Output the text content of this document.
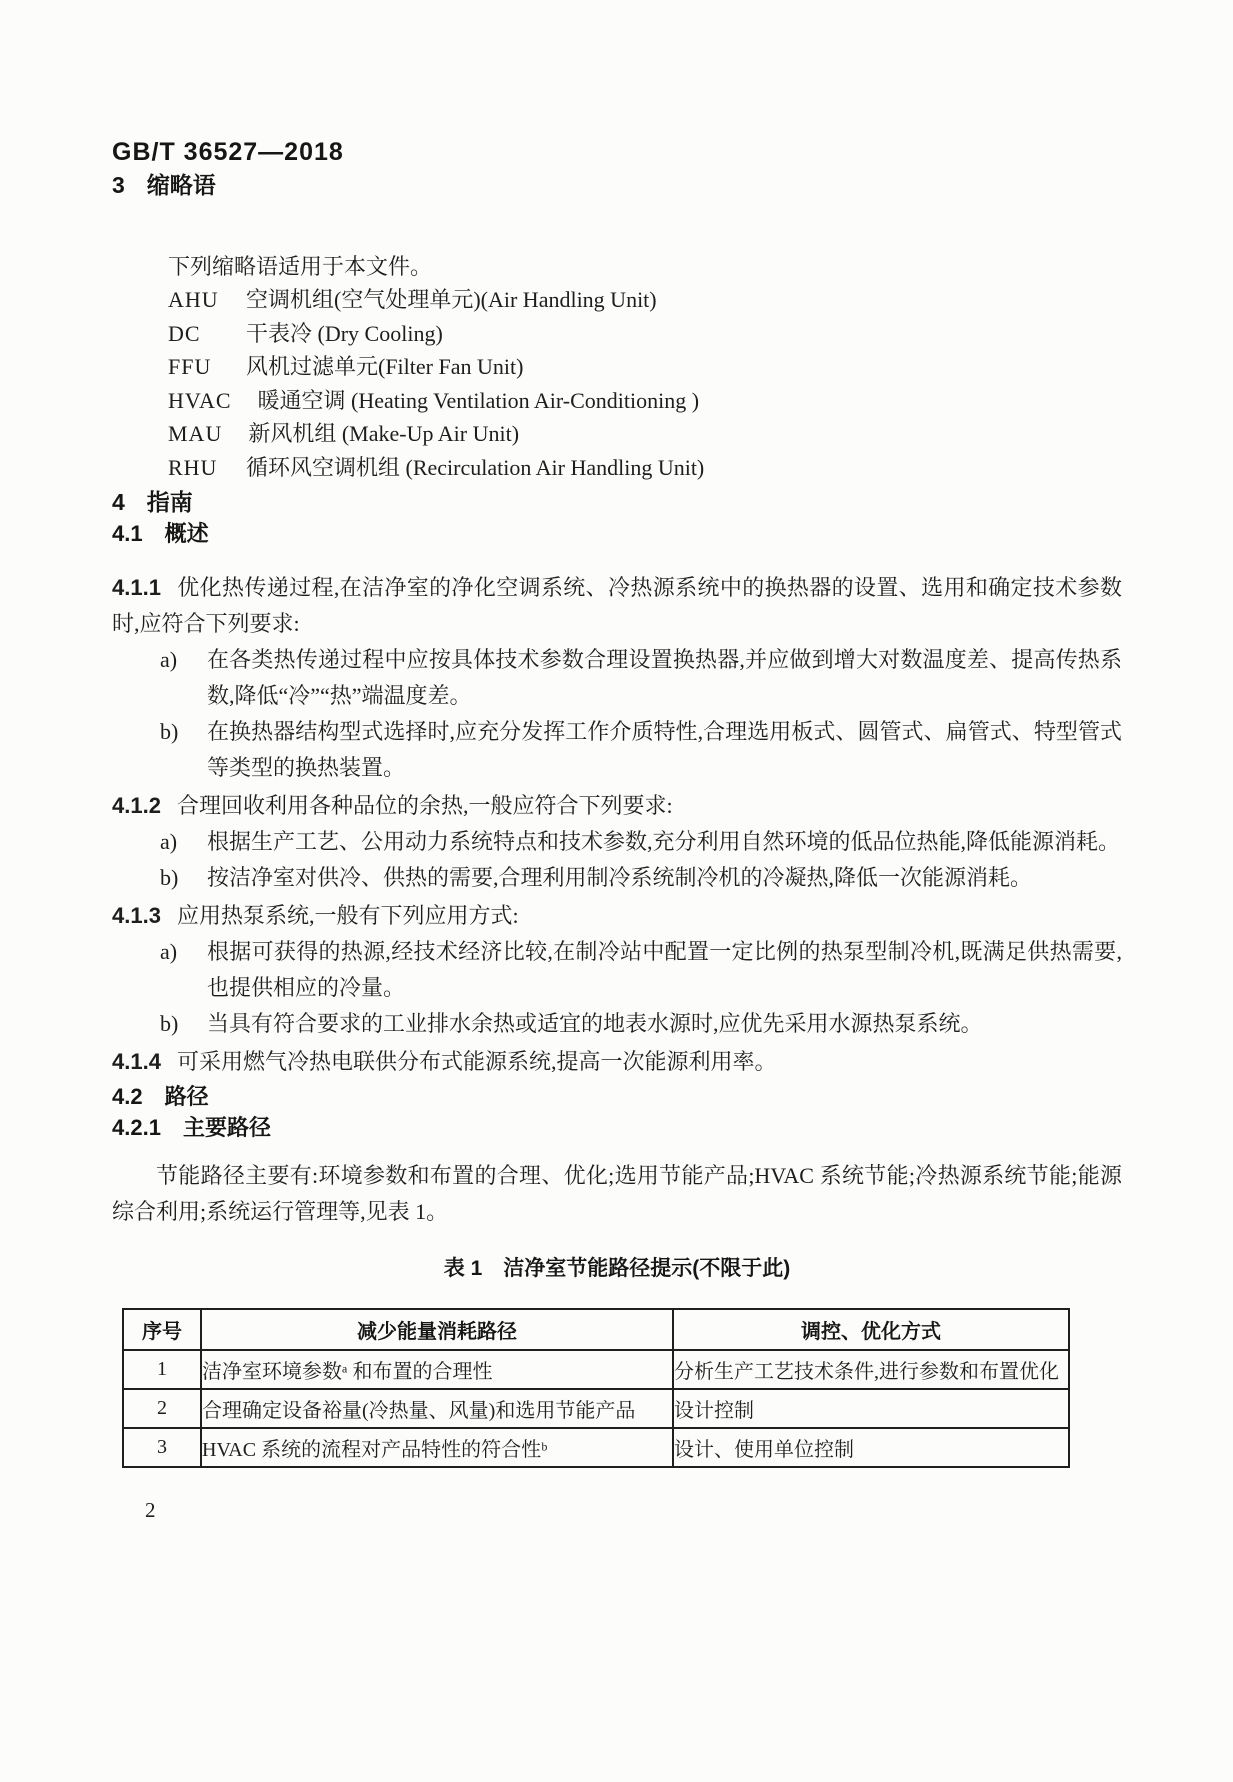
GB/T 36527—2018
3 缩略语

下列缩略语适用于本文件。

AHU 空调机组(空气处理单元)(Air Handling Unit)
DC 干表冷 (Dry Cooling)
FFU 风机过滤单元(Filter Fan Unit)
HVAC 暖通空调 (Heating Ventilation Air-Conditioning )
MAU 新风机组 (Make-Up Air Unit)
RHU 循环风空调机组 (Recirculation Air Handling Unit)
4 指南
4.1 概述

4.1.1 优化热传递过程,在洁净室的净化空调系统、冷热源系统中的换热器的设置、选用和确定技术参数时,应符合下列要求:

a)	在各类热传递过程中应按具体技术参数合理设置换热器,并应做到增大对数温度差、提高传热系数,降低“冷”“热”端温度差。
b)	在换热器结构型式选择时,应充分发挥工作介质特性,合理选用板式、圆管式、扁管式、特型管式等类型的换热装置。

4.1.2 合理回收利用各种品位的余热,一般应符合下列要求:

a)	根据生产工艺、公用动力系统特点和技术参数,充分利用自然环境的低品位热能,降低能源消耗。
b)	按洁净室对供冷、供热的需要,合理利用制冷系统制冷机的冷凝热,降低一次能源消耗。

4.1.3 应用热泵系统,一般有下列应用方式:

a)	根据可获得的热源,经技术经济比较,在制冷站中配置一定比例的热泵型制冷机,既满足供热需要,也提供相应的冷量。
b)	当具有符合要求的工业排水余热或适宜的地表水源时,应优先采用水源热泵系统。

4.1.4 可采用燃气冷热电联供分布式能源系统,提高一次能源利用率。

4.2 路径
4.2.1 主要路径

节能路径主要有:环境参数和布置的合理、优化;选用节能产品;HVAC 系统节能;冷热源系统节能;能源综合利用;系统运行管理等,见表 1。

表 1　洁净室节能路径提示(不限于此)
序号	减少能量消耗路径	调控、优化方式
1	洁净室环境参数ᵃ 和布置的合理性	分析生产工艺技术条件,进行参数和布置优化
2	合理确定设备裕量(冷热量、风量)和选用节能产品	设计控制
3	HVAC 系统的流程对产品特性的符合性ᵇ	设计、使用单位控制
2
